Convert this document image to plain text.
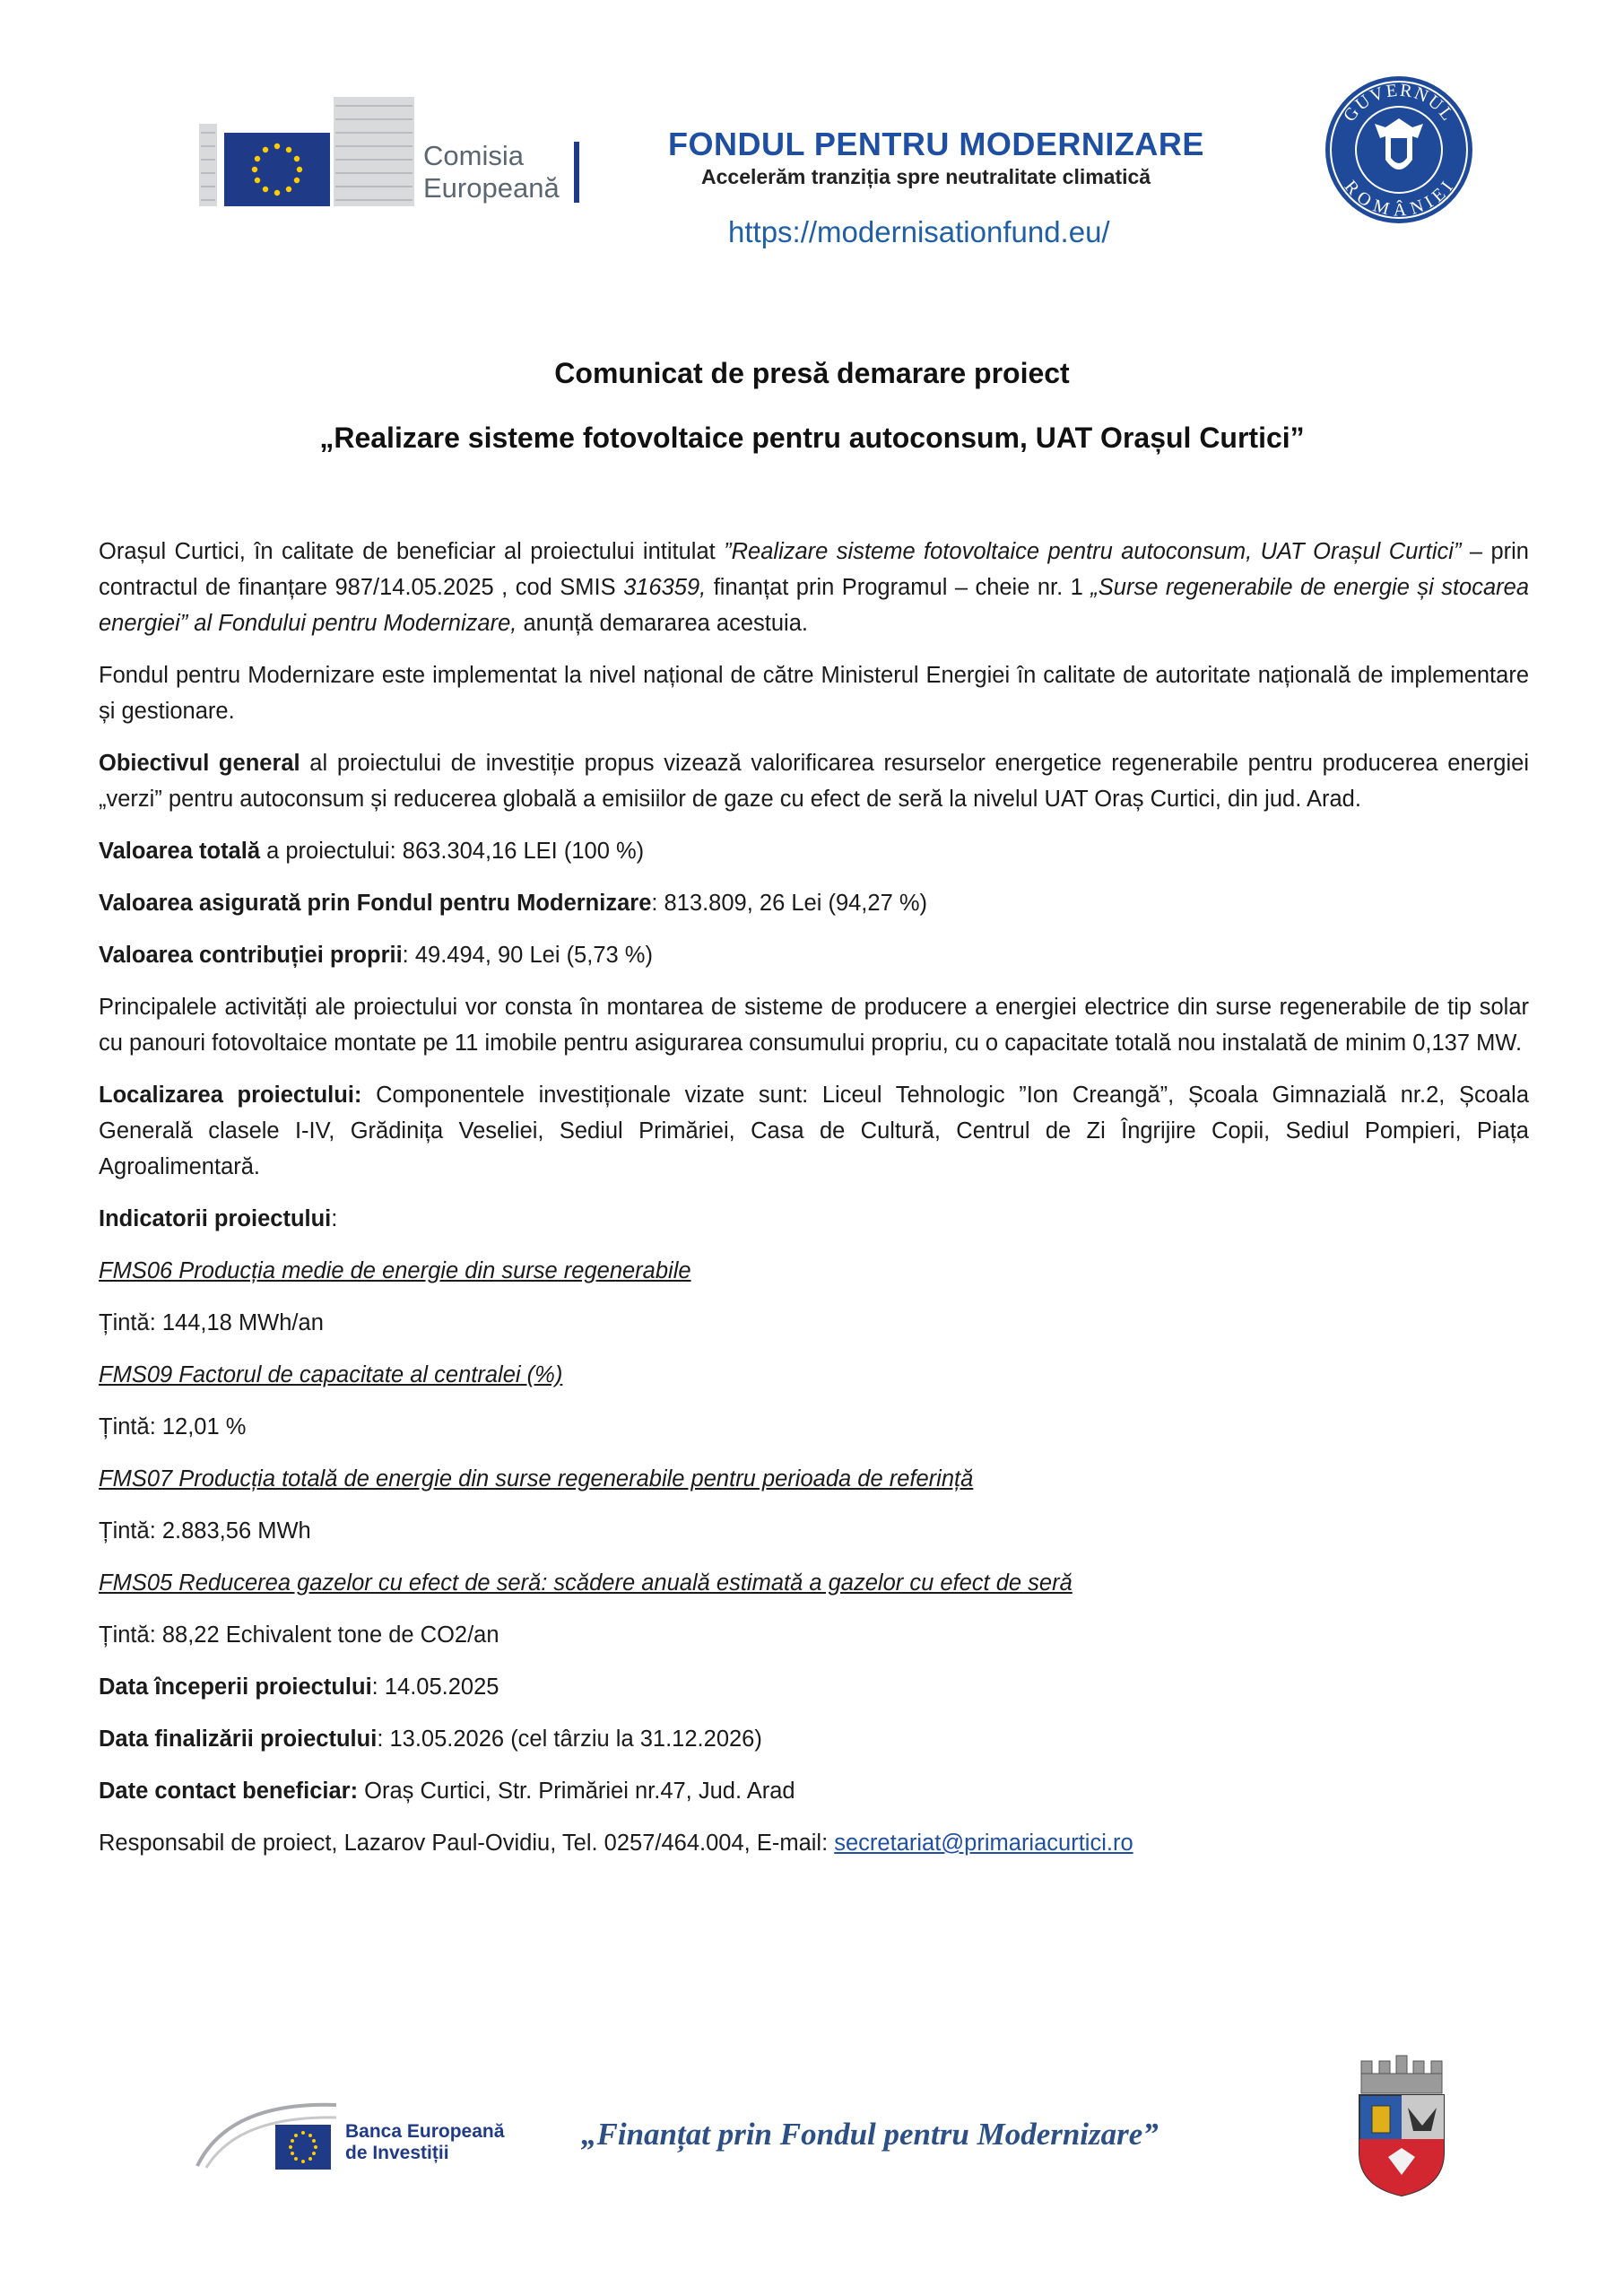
Comisia Europeană
FONDUL PENTRU MODERNIZARE
Accelerăm tranziția spre neutralitate climatică
https://modernisationfund.eu/
GUVERNUL
ROMÂNIEI
Comunicat de presă demarare proiect
„Realizare sisteme fotovoltaice pentru autoconsum, UAT Orașul Curtici”

Orașul Curtici, în calitate de beneficiar al proiectului intitulat ”Realizare sisteme fotovoltaice pentru autoconsum, UAT Orașul Curtici” – prin contractul de finanțare 987/14.05.2025 , cod SMIS 316359, finanțat prin Programul – cheie nr. 1 „Surse regenerabile de energie și stocarea energiei” al Fondului pentru Modernizare, anunță demararea acestuia.

Fondul pentru Modernizare este implementat la nivel național de către Ministerul Energiei în calitate de autoritate națională de implementare și gestionare.

Obiectivul general al proiectului de investiție propus vizează valorificarea resurselor energetice regenerabile pentru producerea energiei „verzi” pentru autoconsum și reducerea globală a emisiilor de gaze cu efect de seră la nivelul UAT Oraș Curtici, din jud. Arad.

Valoarea totală a proiectului: 863.304,16 LEI (100 %)

Valoarea asigurată prin Fondul pentru Modernizare: 813.809, 26 Lei (94,27 %)

Valoarea contribuției proprii: 49.494, 90 Lei (5,73 %)

Principalele activități ale proiectului vor consta în montarea de sisteme de producere a energiei electrice din surse regenerabile de tip solar cu panouri fotovoltaice montate pe 11 imobile pentru asigurarea consumului propriu, cu o capacitate totală nou instalată de minim 0,137 MW.

Localizarea proiectului: Componentele investiționale vizate sunt: Liceul Tehnologic ”Ion Creangă”, Școala Gimnazială nr.2, Școala Generală clasele I-IV, Grădinița Veseliei, Sediul Primăriei, Casa de Cultură, Centrul de Zi Îngrijire Copii, Sediul Pompieri, Piața Agroalimentară.

Indicatorii proiectului:

FMS06 Producția medie de energie din surse regenerabile

Țintă: 144,18 MWh/an

FMS09 Factorul de capacitate al centralei (%)

Țintă: 12,01 %

FMS07 Producția totală de energie din surse regenerabile pentru perioada de referință

Țintă: 2.883,56 MWh

FMS05 Reducerea gazelor cu efect de seră: scădere anuală estimată a gazelor cu efect de seră

Țintă: 88,22 Echivalent tone de CO2/an

Data începerii proiectului: 14.05.2025

Data finalizării proiectului: 13.05.2026 (cel târziu la 31.12.2026)

Date contact beneficiar: Oraș Curtici, Str. Primăriei nr.47, Jud. Arad

Responsabil de proiect, Lazarov Paul-Ovidiu, Tel. 0257/464.004, E-mail: secretariat@primariacurtici.ro

Banca Europeană
de Investiții
„Finanțat prin Fondul pentru Modernizare”
